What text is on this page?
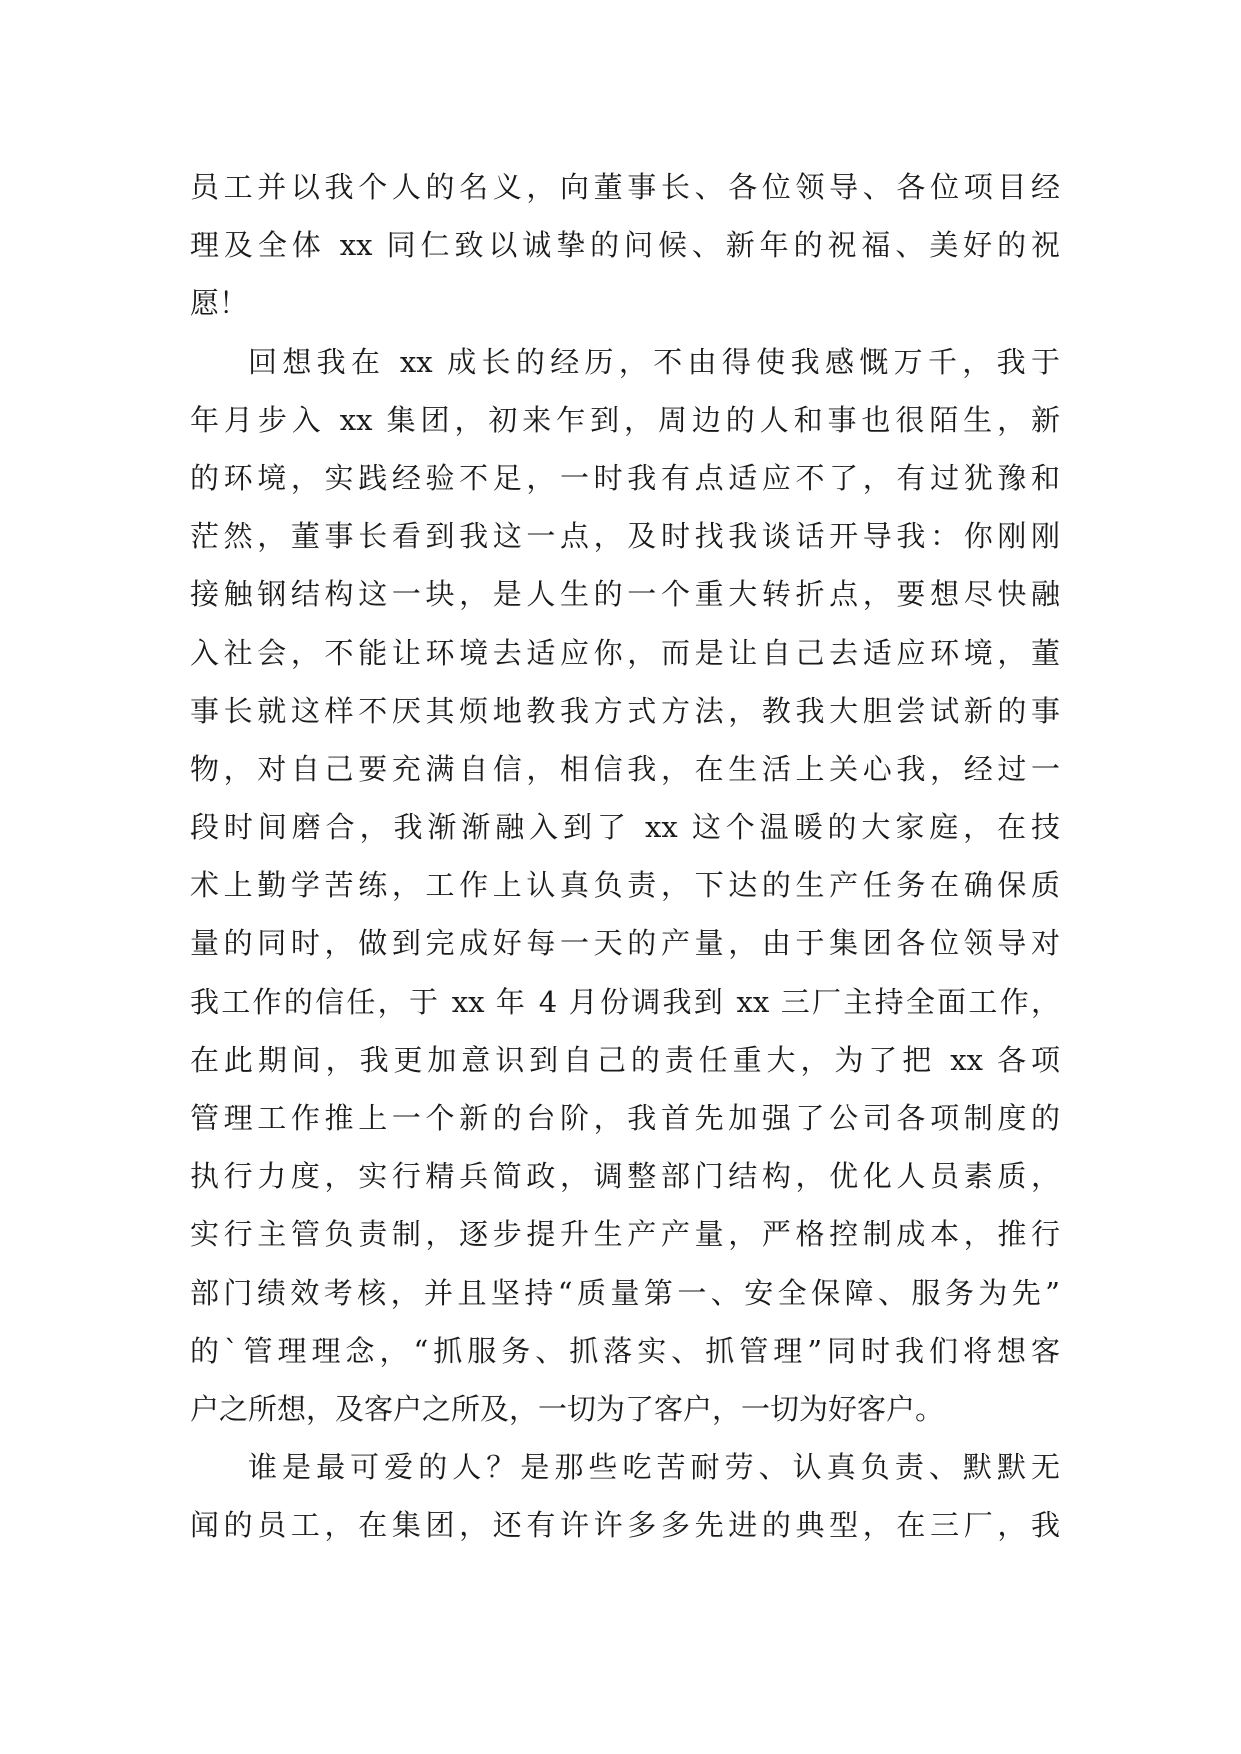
员工并以我个人的名义，向董事长、各位领导、各位项目经
理及全体 xx 同仁致以诚挚的问候、新年的祝福、美好的祝
愿！
回想我在 xx 成长的经历，不由得使我感慨万千，我于
年月步入 xx 集团，初来乍到，周边的人和事也很陌生，新
的环境，实践经验不足，一时我有点适应不了，有过犹豫和
茫然，董事长看到我这一点，及时找我谈话开导我：你刚刚
接触钢结构这一块，是人生的一个重大转折点，要想尽快融
入社会，不能让环境去适应你，而是让自己去适应环境，董
事长就这样不厌其烦地教我方式方法，教我大胆尝试新的事
物，对自己要充满自信，相信我，在生活上关心我，经过一
段时间磨合，我渐渐融入到了 xx 这个温暖的大家庭，在技
术上勤学苦练，工作上认真负责，下达的生产任务在确保质
量的同时，做到完成好每一天的产量，由于集团各位领导对
我工作的信任，于 xx 年 4 月份调我到 xx 三厂主持全面工作，
在此期间，我更加意识到自己的责任重大，为了把 xx 各项
管理工作推上一个新的台阶，我首先加强了公司各项制度的
执行力度，实行精兵简政，调整部门结构，优化人员素质，
实行主管负责制，逐步提升生产产量，严格控制成本，推行
部门绩效考核，并且坚持“质量第一、安全保障、服务为先”
的`管理理念，“抓服务、抓落实、抓管理”同时我们将想客
户之所想，及客户之所及，一切为了客户，一切为好客户。
谁是最可爱的人？是那些吃苦耐劳、认真负责、默默无
闻的员工，在集团，还有许许多多先进的典型，在三厂，我
